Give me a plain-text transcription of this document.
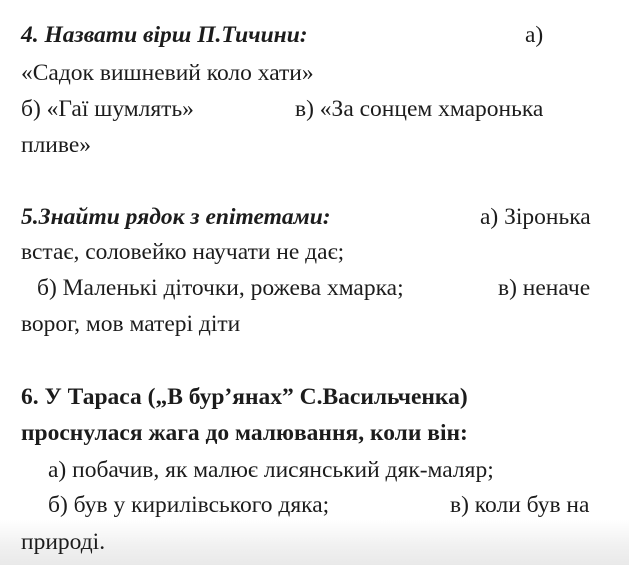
4. Назвати вірш П.Тичини:	а)
«Садок вишневий коло хати»
б) «Гаї шумлять»	в) «За сонцем хмаронька
пливе»
5.Знайти рядок з епітетами:	а) Зіронька
встає, соловейко научати не дає;
б) Маленькі діточки, рожева хмарка;	в) неначе
ворог, мов матері діти
6. У Тараса („В бур’янах” С.Васильченка)
проснулася жага до малювання, коли він:
а) побачив, як малює лисянський дяк-маляр;
б) був у кирилівського дяка;	в) коли був на
природі.
